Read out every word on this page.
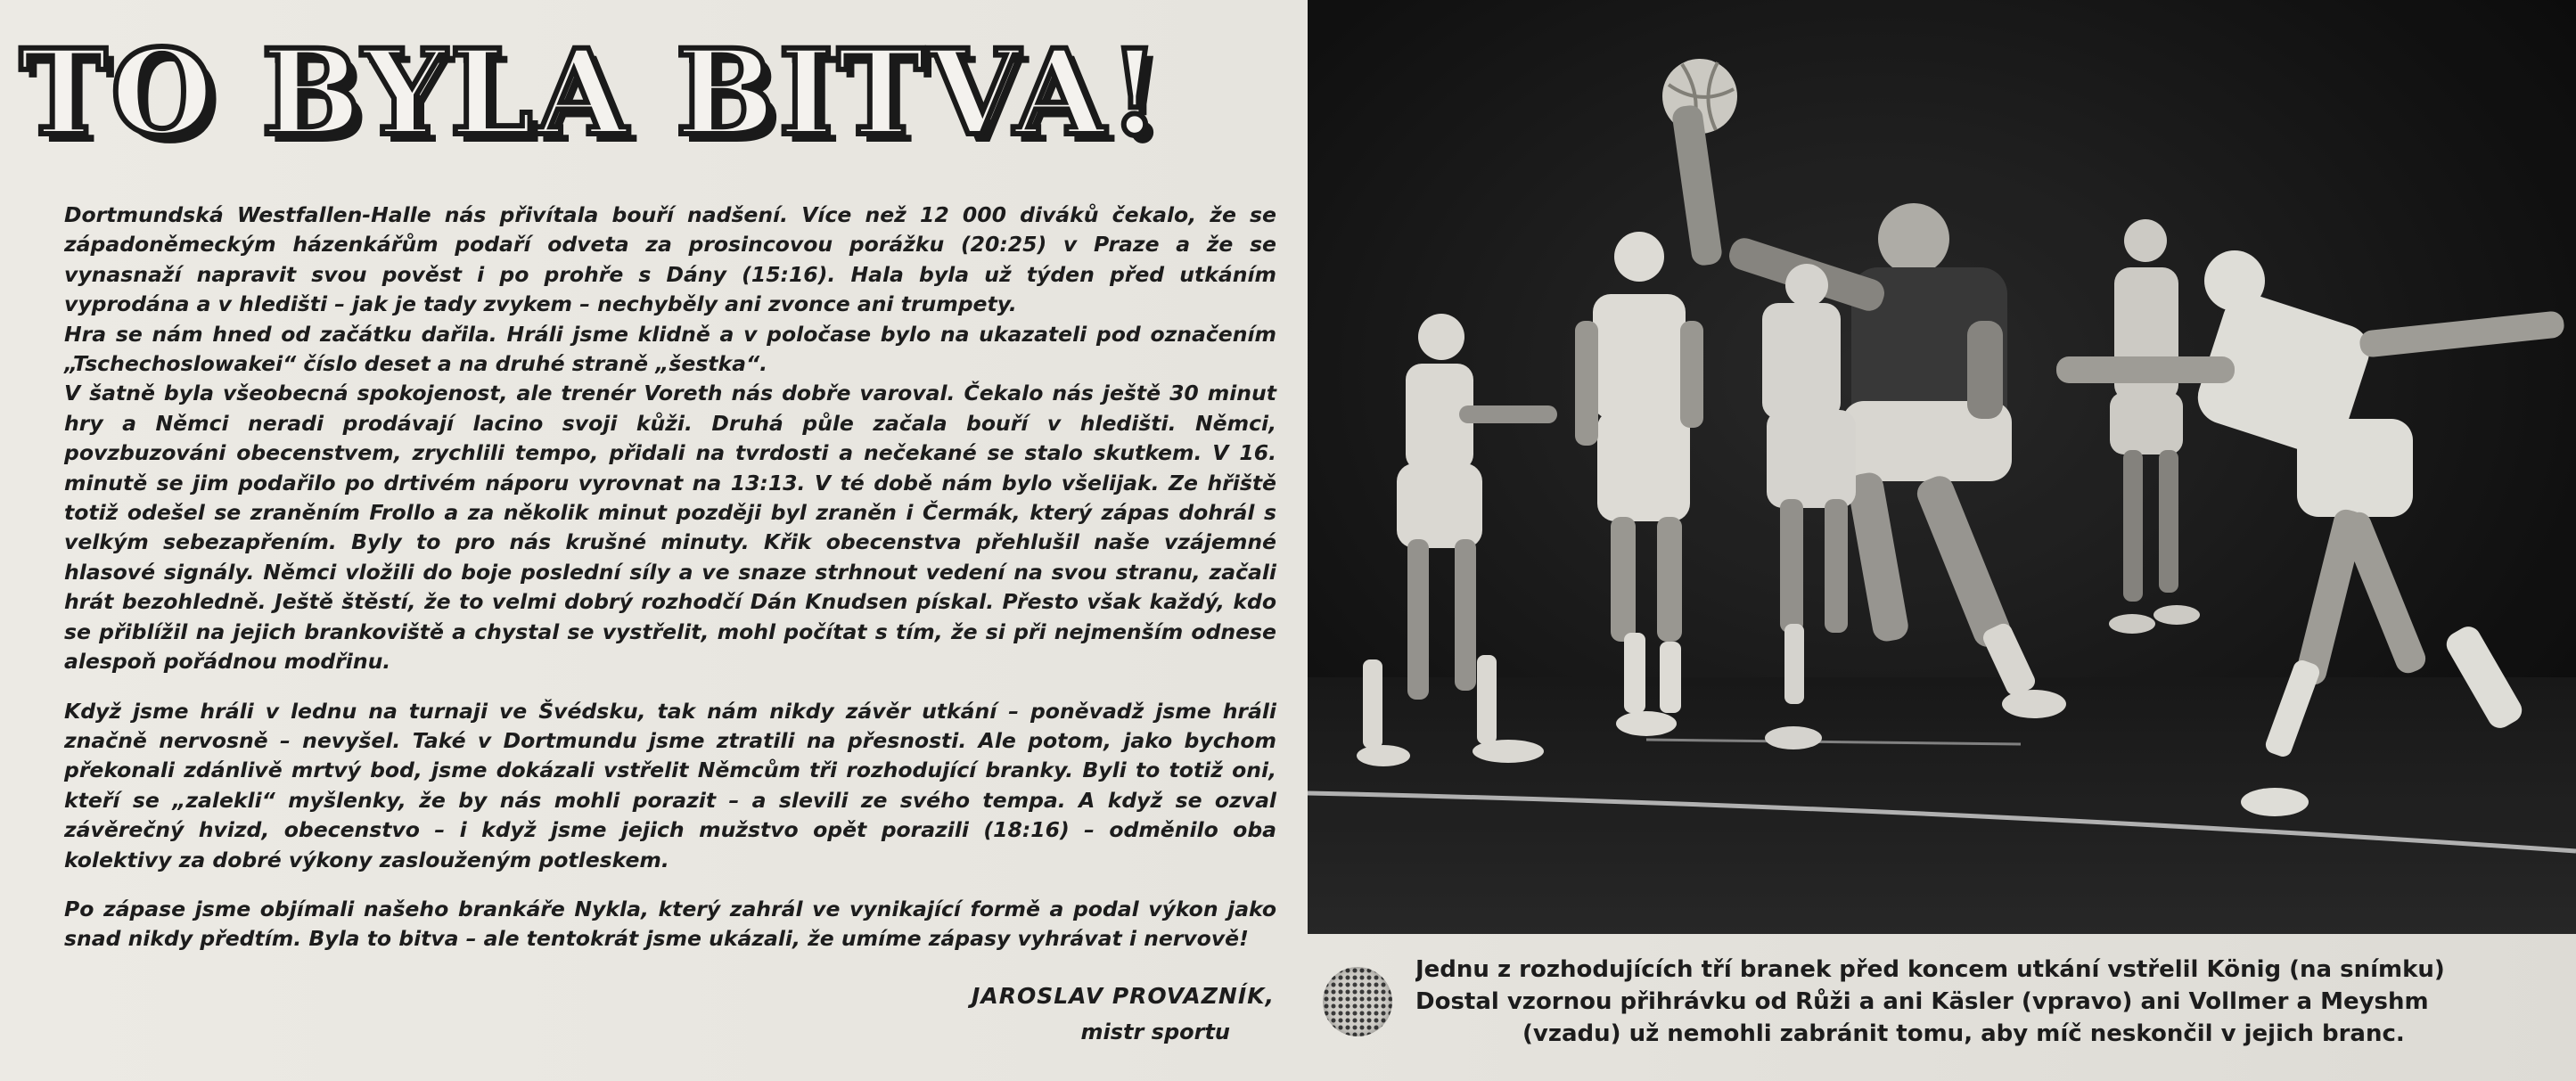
TO BYLA BITVA!

Dortmundská Westfallen-Halle nás přivítala bouří nadšení. Více než 12 000 diváků čekalo, že se západoněmeckým házenkářům podaří odveta za prosincovou porážku (20:25) v Praze a že se vynasnaží napravit svou pověst i po prohře s Dány (15:16). Hala byla už týden před utkáním vyprodána a v hledišti – jak je tady zvykem – nechyběly ani zvonce ani trumpety.

Hra se nám hned od začátku dařila. Hráli jsme klidně a v poločase bylo na ukazateli pod označením „Tschechoslowakei“ číslo deset a na druhé straně „šestka“.

V šatně byla všeobecná spokojenost, ale trenér Voreth nás dobře varoval. Čekalo nás ještě 30 minut hry a Němci neradi prodávají lacino svoji kůži. Druhá půle začala bouří v hledišti. Němci, povzbuzováni obecenstvem, zrychlili tempo, přidali na tvrdosti a nečekané se stalo skutkem. V 16. minutě se jim podařilo po drtivém náporu vyrovnat na 13:13. V té době nám bylo všelijak. Ze hřiště totiž odešel se zraněním Frollo a za několik minut později byl zraněn i Čermák, který zápas dohrál s velkým sebezapřením. Byly to pro nás krušné minuty. Křik obecenstva přehlušil naše vzájemné hlasové signály. Němci vložili do boje poslední síly a ve snaze strhnout vedení na svou stranu, začali hrát bezohledně. Ještě štěstí, že to velmi dobrý rozhodčí Dán Knudsen pískal. Přesto však každý, kdo se přiblížil na jejich brankoviště a chystal se vystřelit, mohl počítat s tím, že si při nejmenším odnese alespoň pořádnou modřinu.

Když jsme hráli v lednu na turnaji ve Švédsku, tak nám nikdy závěr utkání – poněvadž jsme hráli značně nervosně – nevyšel. Také v Dortmundu jsme ztratili na přesnosti. Ale potom, jako bychom překonali zdánlivě mrtvý bod, jsme dokázali vstřelit Němcům tři rozhodující branky. Byli to totiž oni, kteří se „zalekli“ myšlenky, že by nás mohli porazit – a slevili ze svého tempa. A když se ozval závěrečný hvizd, obecenstvo – i když jsme jejich mužstvo opět porazili (18:16) – odměnilo oba kolektivy za dobré výkony zaslouženým potleskem.

Po zápase jsme objímali našeho brankáře Nykla, který zahrál ve vynikající formě a podal výkon jako snad nikdy předtím. Byla to bitva – ale tentokrát jsme ukázali, že umíme zápasy vyhrávat i nervově!

JAROSLAV PROVAZNÍK,
mistr sportu
Jednu z rozhodujících tří branek před koncem utkání vstřelil König (na snímku)
Dostal vzornou přihrávku od Růži a ani Käsler (vpravo) ani Vollmer a Meyshm
(vzadu) už nemohli zabránit tomu, aby míč neskončil v jejich branc.
